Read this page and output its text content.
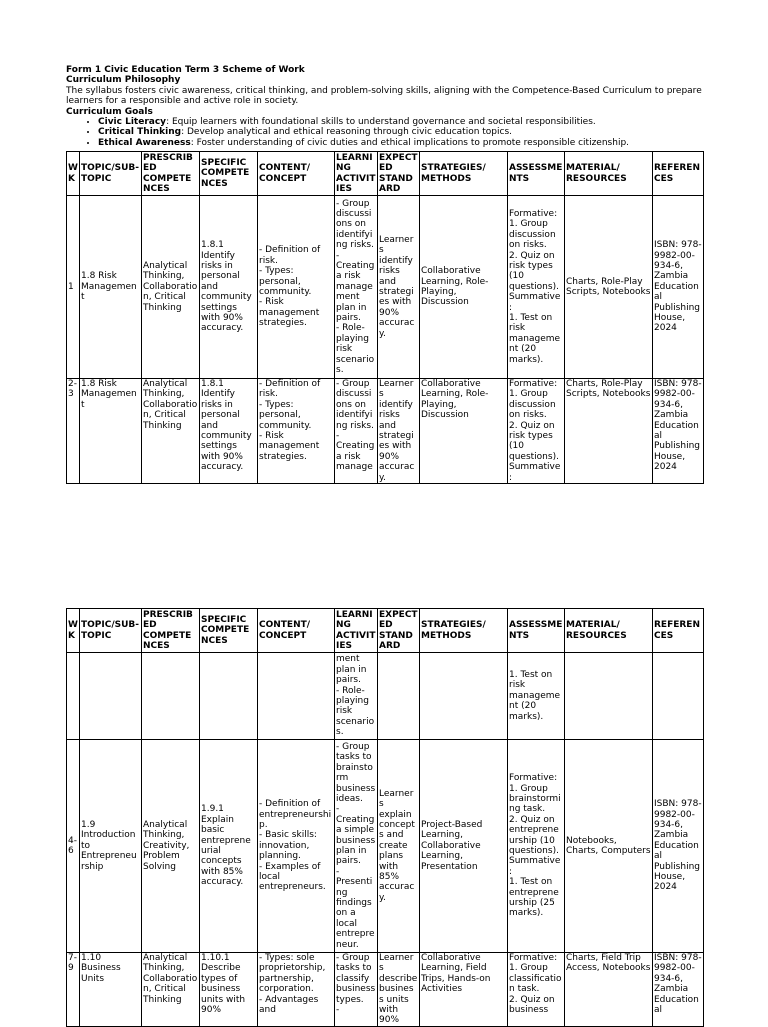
Form 1 Civic Education Term 3 Scheme of Work
Curriculum Philosophy
The syllabus fosters civic awareness, critical thinking, and problem-solving skills, aligning with the Competence-Based Curriculum to prepare learners for a responsible and active role in society.
Curriculum Goals
• Civic Literacy: Equip learners with foundational skills to understand governance and societal responsibilities.
• Critical Thinking: Develop analytical and ethical reasoning through civic education topics.
• Ethical Awareness: Foster understanding of civic duties and ethical implications to promote responsible citizenship.
WK	TOPIC/SUB-TOPIC	PRESCRIBED COMPETENCES	SPECIFIC COMPETENCES	CONTENT/ CONCEPT	LEARNING ACTIVITIES	EXPECTED STANDARD	STRATEGIES/ METHODS	ASSESSMENTS	MATERIAL/ RESOURCES	REFERENCES

1	1.8 Risk Management	Analytical Thinking, Collaboration, Critical Thinking	1.8.1 Identify risks in personal and community settings with 90% accuracy.	- Definition of risk.
- Types: personal, community.
- Risk management strategies.	- Group discussions on identifying risks.
- Creating a risk management plan in pairs.
- Role-playing risk scenarios.	Learners identify risks and strategies with 90% accuracy.	Collaborative Learning, Role-Playing, Discussion	Formative:
1. Group discussion on risks.
2. Quiz on risk types (10 questions).
Summative:
1. Test on risk management (20 marks).	Charts, Role-Play Scripts, Notebooks	ISBN: 978-9982-00-934-6, Zambia Educational Publishing House, 2024

2-3	1.8 Risk Management	Analytical Thinking, Collaboration, Critical Thinking	1.8.1 Identify risks in personal and community settings with 90% accuracy.	- Definition of risk.
- Types: personal, community.
- Risk management strategies.	- Group discussions on identifying risks.
- Creating a risk manage	Learners identify risks and strategies with 90% accuracy.	Collaborative Learning, Role-Playing, Discussion	Formative:
1. Group discussion on risks.
2. Quiz on risk types (10 questions).
Summative:	Charts, Role-Play Scripts, Notebooks	ISBN: 978-9982-00-934-6, Zambia Educational Publishing House, 2024
WK	TOPIC/SUB-TOPIC	PRESCRIBED COMPETENCES	SPECIFIC COMPETENCES	CONTENT/ CONCEPT	LEARNING ACTIVITIES	EXPECTED STANDARD	STRATEGIES/ METHODS	ASSESSMENTS	MATERIAL/ RESOURCES	REFERENCES

					ment plan in pairs.
- Role-playing risk scenarios.			1. Test on risk management (20 marks).		

4-6	1.9 Introduction to Entrepreneurship	Analytical Thinking, Creativity, Problem Solving	1.9.1 Explain basic entrepreneurial concepts with 85% accuracy.	- Definition of entrepreneurship.
- Basic skills: innovation, planning.
- Examples of local entrepreneurs.	- Group tasks to brainstorm business ideas.
- Creating a simple business plan in pairs.
- Presenting findings on a local entrepreneur.	Learners explain concepts and create plans with 85% accuracy.	Project-Based Learning, Collaborative Learning, Presentation	Formative:
1. Group brainstorming task.
2. Quiz on entrepreneurship (10 questions).
Summative:
1. Test on entrepreneurship (25 marks).	Notebooks, Charts, Computers	ISBN: 978-9982-00-934-6, Zambia Educational Publishing House, 2024

7-9	1.10 Business Units	Analytical Thinking, Collaboration, Critical Thinking	1.10.1 Describe types of business units with 90%	- Types: sole proprietorship, partnership, corporation.
- Advantages and	- Group tasks to classify business types.
-	Learners describe business units with 90%	Collaborative Learning, Field Trips, Hands-on Activities	Formative:
1. Group classification task.
2. Quiz on business	Charts, Field Trip Access, Notebooks	ISBN: 978-9982-00-934-6, Zambia Educational
